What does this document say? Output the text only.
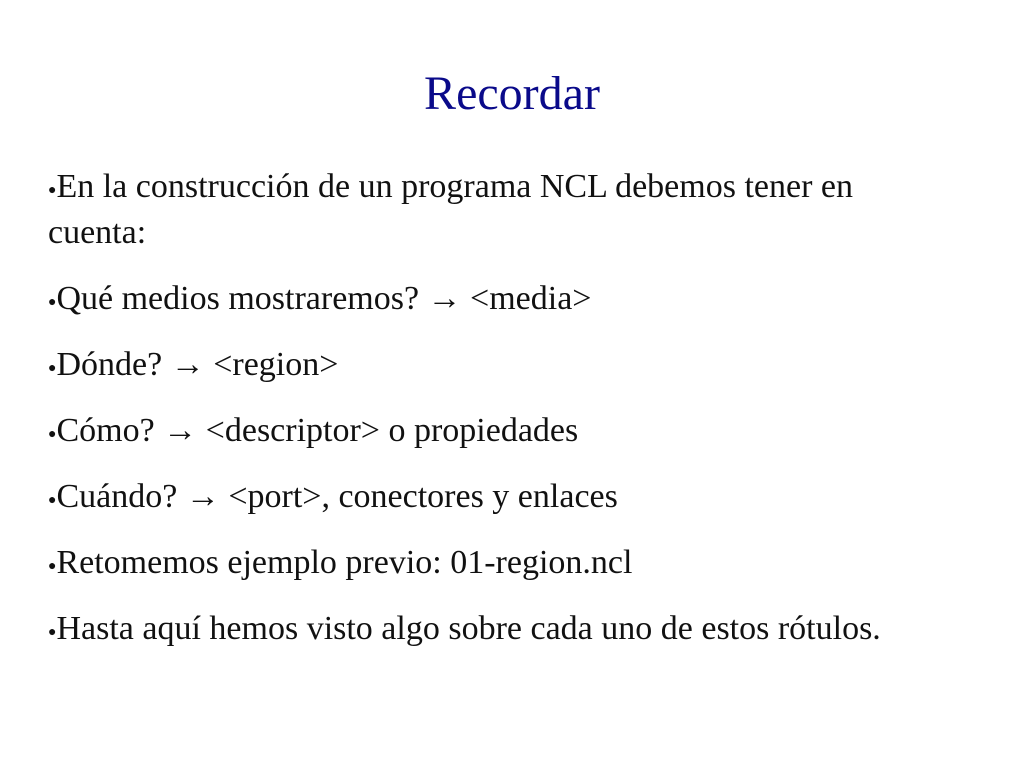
Recordar
●En la construcción de un programa NCL debemos tener en cuenta:
●Qué medios mostraremos? → <media>
●Dónde? → <region>
●Cómo? → <descriptor> o propiedades
●Cuándo? → <port>, conectores y enlaces
●Retomemos ejemplo previo: 01-region.ncl
●Hasta aquí hemos visto algo sobre cada uno de estos rótulos.
